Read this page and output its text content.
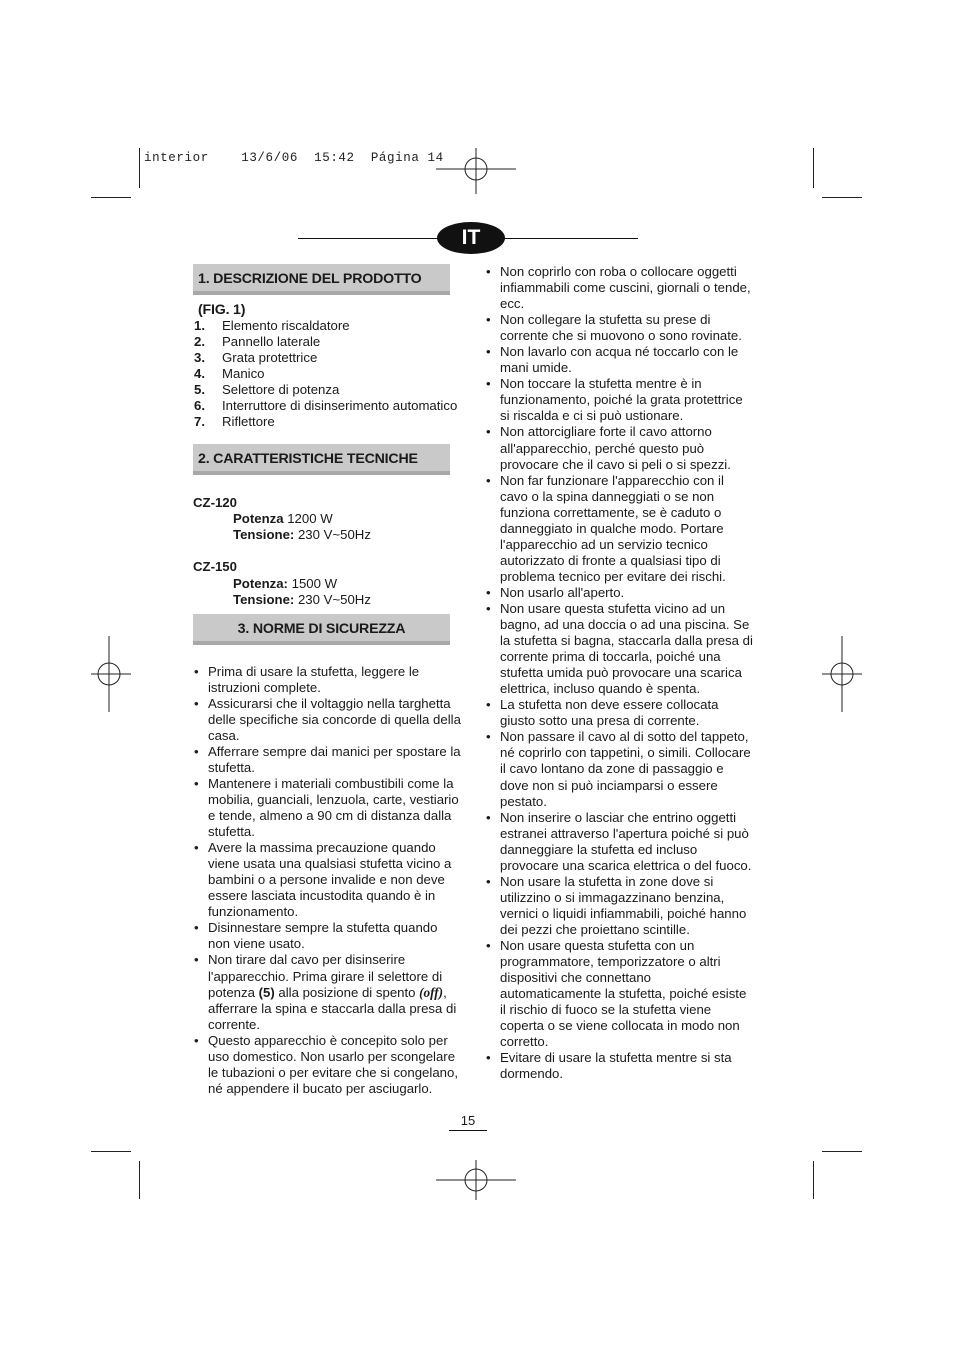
interior    13/6/06  15:42  Página 14
IT
1. DESCRIZIONE DEL PRODOTTO (FIG. 1)
1. Elemento riscaldatore
2. Pannello laterale
3. Grata protettrice
4. Manico
5. Selettore di potenza
6. Interruttore di disinserimento automatico
7. Riflettore
2. CARATTERISTICHE TECNICHE
CZ-120
Potenza 1200 W
Tensione: 230 V~50Hz
CZ-150
Potenza: 1500 W
Tensione: 230 V~50Hz
3. NORME DI SICUREZZA
• Prima di usare la stufetta, leggere le istruzioni complete.
• Assicurarsi che il voltaggio nella targhetta delle specifiche sia concorde di quella della casa.
• Afferrare sempre dai manici per spostare la stufetta.
• Mantenere i materiali combustibili come la mobilia, guanciali, lenzuola, carte, vestiario e tende, almeno a 90 cm di distanza dalla stufetta.
• Avere la massima precauzione quando viene usata una qualsiasi stufetta vicino a bambini o a persone invalide e non deve essere lasciata incustodita quando è in funzionamento.
• Disinnestare sempre la stufetta quando non viene usato.
• Non tirare dal cavo per disinserire l'apparecchio. Prima girare il selettore di potenza (5) alla posizione di spento (off), afferrare la spina e staccarla dalla presa di corrente.
• Questo apparecchio è concepito solo per uso domestico. Non usarlo per scongelare le tubazioni o per evitare che si congelano, né appendere il bucato per asciugarlo.
• Non coprirlo con roba o collocare oggetti infiammabili come cuscini, giornali o tende, ecc.
• Non collegare la stufetta su prese di corrente che si muovono o sono rovinate.
• Non lavarlo con acqua né toccarlo con le mani umide.
• Non toccare la stufetta mentre è in funzionamento, poiché la grata protettrice si riscalda e ci si può ustionare.
• Non attorcigliare forte il cavo attorno all'apparecchio, perché questo può provocare che il cavo si peli o si spezzi.
• Non far funzionare l'apparecchio con il cavo o la spina danneggiati o se non funziona correttamente, se è caduto o danneggiato in qualche modo. Portare l'apparecchio ad un servizio tecnico autorizzato di fronte a qualsiasi tipo di problema tecnico per evitare dei rischi.
• Non usarlo all'aperto.
• Non usare questa stufetta vicino ad un bagno, ad una doccia o ad una piscina. Se la stufetta si bagna, staccarla dalla presa di corrente prima di toccarla, poiché una stufetta umida può provocare una scarica elettrica, incluso quando è spenta.
• La stufetta non deve essere collocata giusto sotto una presa di corrente.
• Non passare il cavo al di sotto del tappeto, né coprirlo con tappetini, o simili. Collocare il cavo lontano da zone di passaggio e dove non si può inciamparsi o essere pestato.
• Non inserire o lasciar che entrino oggetti estranei attraverso l'apertura poiché si può danneggiare la stufetta ed incluso provocare una scarica elettrica o del fuoco.
• Non usare la stufetta in zone dove si utilizzino o si immagazzinano benzina, vernici o liquidi infiammabili, poiché hanno dei pezzi che proiettano scintille.
• Non usare questa stufetta con un programmatore, temporizzatore o altri dispositivi che connettano automaticamente la stufetta, poiché esiste il rischio di fuoco se la stufetta viene coperta o se viene collocata in modo non corretto.
• Evitare di usare la stufetta mentre si sta dormendo.
15
